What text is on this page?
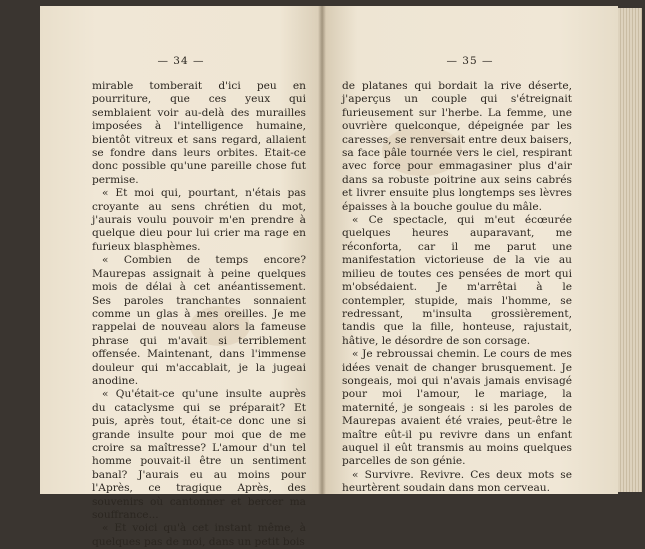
— 34 —

mirable tomberait d'ici peu en pourriture, que ces yeux qui semblaient voir au-delà des murailles imposées à l'intelligence humaine, bientôt vitreux et sans regard, allaient se fondre dans leurs orbites. Etait-ce donc possible qu'une pareille chose fut permise.

« Et moi qui, pourtant, n'étais pas croyante au sens chrétien du mot, j'aurais voulu pouvoir m'en prendre à quelque dieu pour lui crier ma rage en furieux blasphèmes.

« Combien de temps encore? Maurepas assignait à peine quelques mois de délai à cet anéantissement. Ses paroles tranchantes sonnaient comme un glas à mes oreilles. Je me rappelai de nouveau alors la fameuse phrase qui m'avait si terriblement offensée. Maintenant, dans l'immense douleur qui m'accablait, je la jugeai anodine.

« Qu'était-ce qu'une insulte auprès du cataclysme qui se préparait? Et puis, après tout, était-ce donc une si grande insulte pour moi que de me croire sa maîtresse? L'amour d'un tel homme pouvait-il être un sentiment banal? J'aurais eu au moins pour l'Après, ce tragique Après, des souvenirs où cantonner et bercer ma souffrance...

« Et voici qu'à cet instant même, à quelques pas de moi, dans un petit bois

— 35 —

de platanes qui bordait la rive déserte, j'aperçus un couple qui s'étreignait furieusement sur l'herbe. La femme, une ouvrière quelconque, dépeignée par les caresses, se renversait entre deux baisers, sa face pâle tournée vers le ciel, respirant avec force pour emmagasiner plus d'air dans sa robuste poitrine aux seins cabrés et livrer ensuite plus longtemps ses lèvres épaisses à la bouche goulue du mâle.

« Ce spectacle, qui m'eut écœurée quelques heures auparavant, me réconforta, car il me parut une manifestation victorieuse de la vie au milieu de toutes ces pensées de mort qui m'obsédaient. Je m'arrêtai à le contempler, stupide, mais l'homme, se redressant, m'insulta grossièrement, tandis que la fille, honteuse, rajustait, hâtive, le désordre de son corsage.

« Je rebroussai chemin. Le cours de mes idées venait de changer brusquement. Je songeais, moi qui n'avais jamais envisagé pour moi l'amour, le mariage, la maternité, je songeais : si les paroles de Maurepas avaient été vraies, peut-être le maître eût-il pu revivre dans un enfant auquel il eût transmis au moins quelques parcelles de son génie.

« Survivre. Revivre. Ces deux mots se heurtèrent soudain dans mon cerveau.
